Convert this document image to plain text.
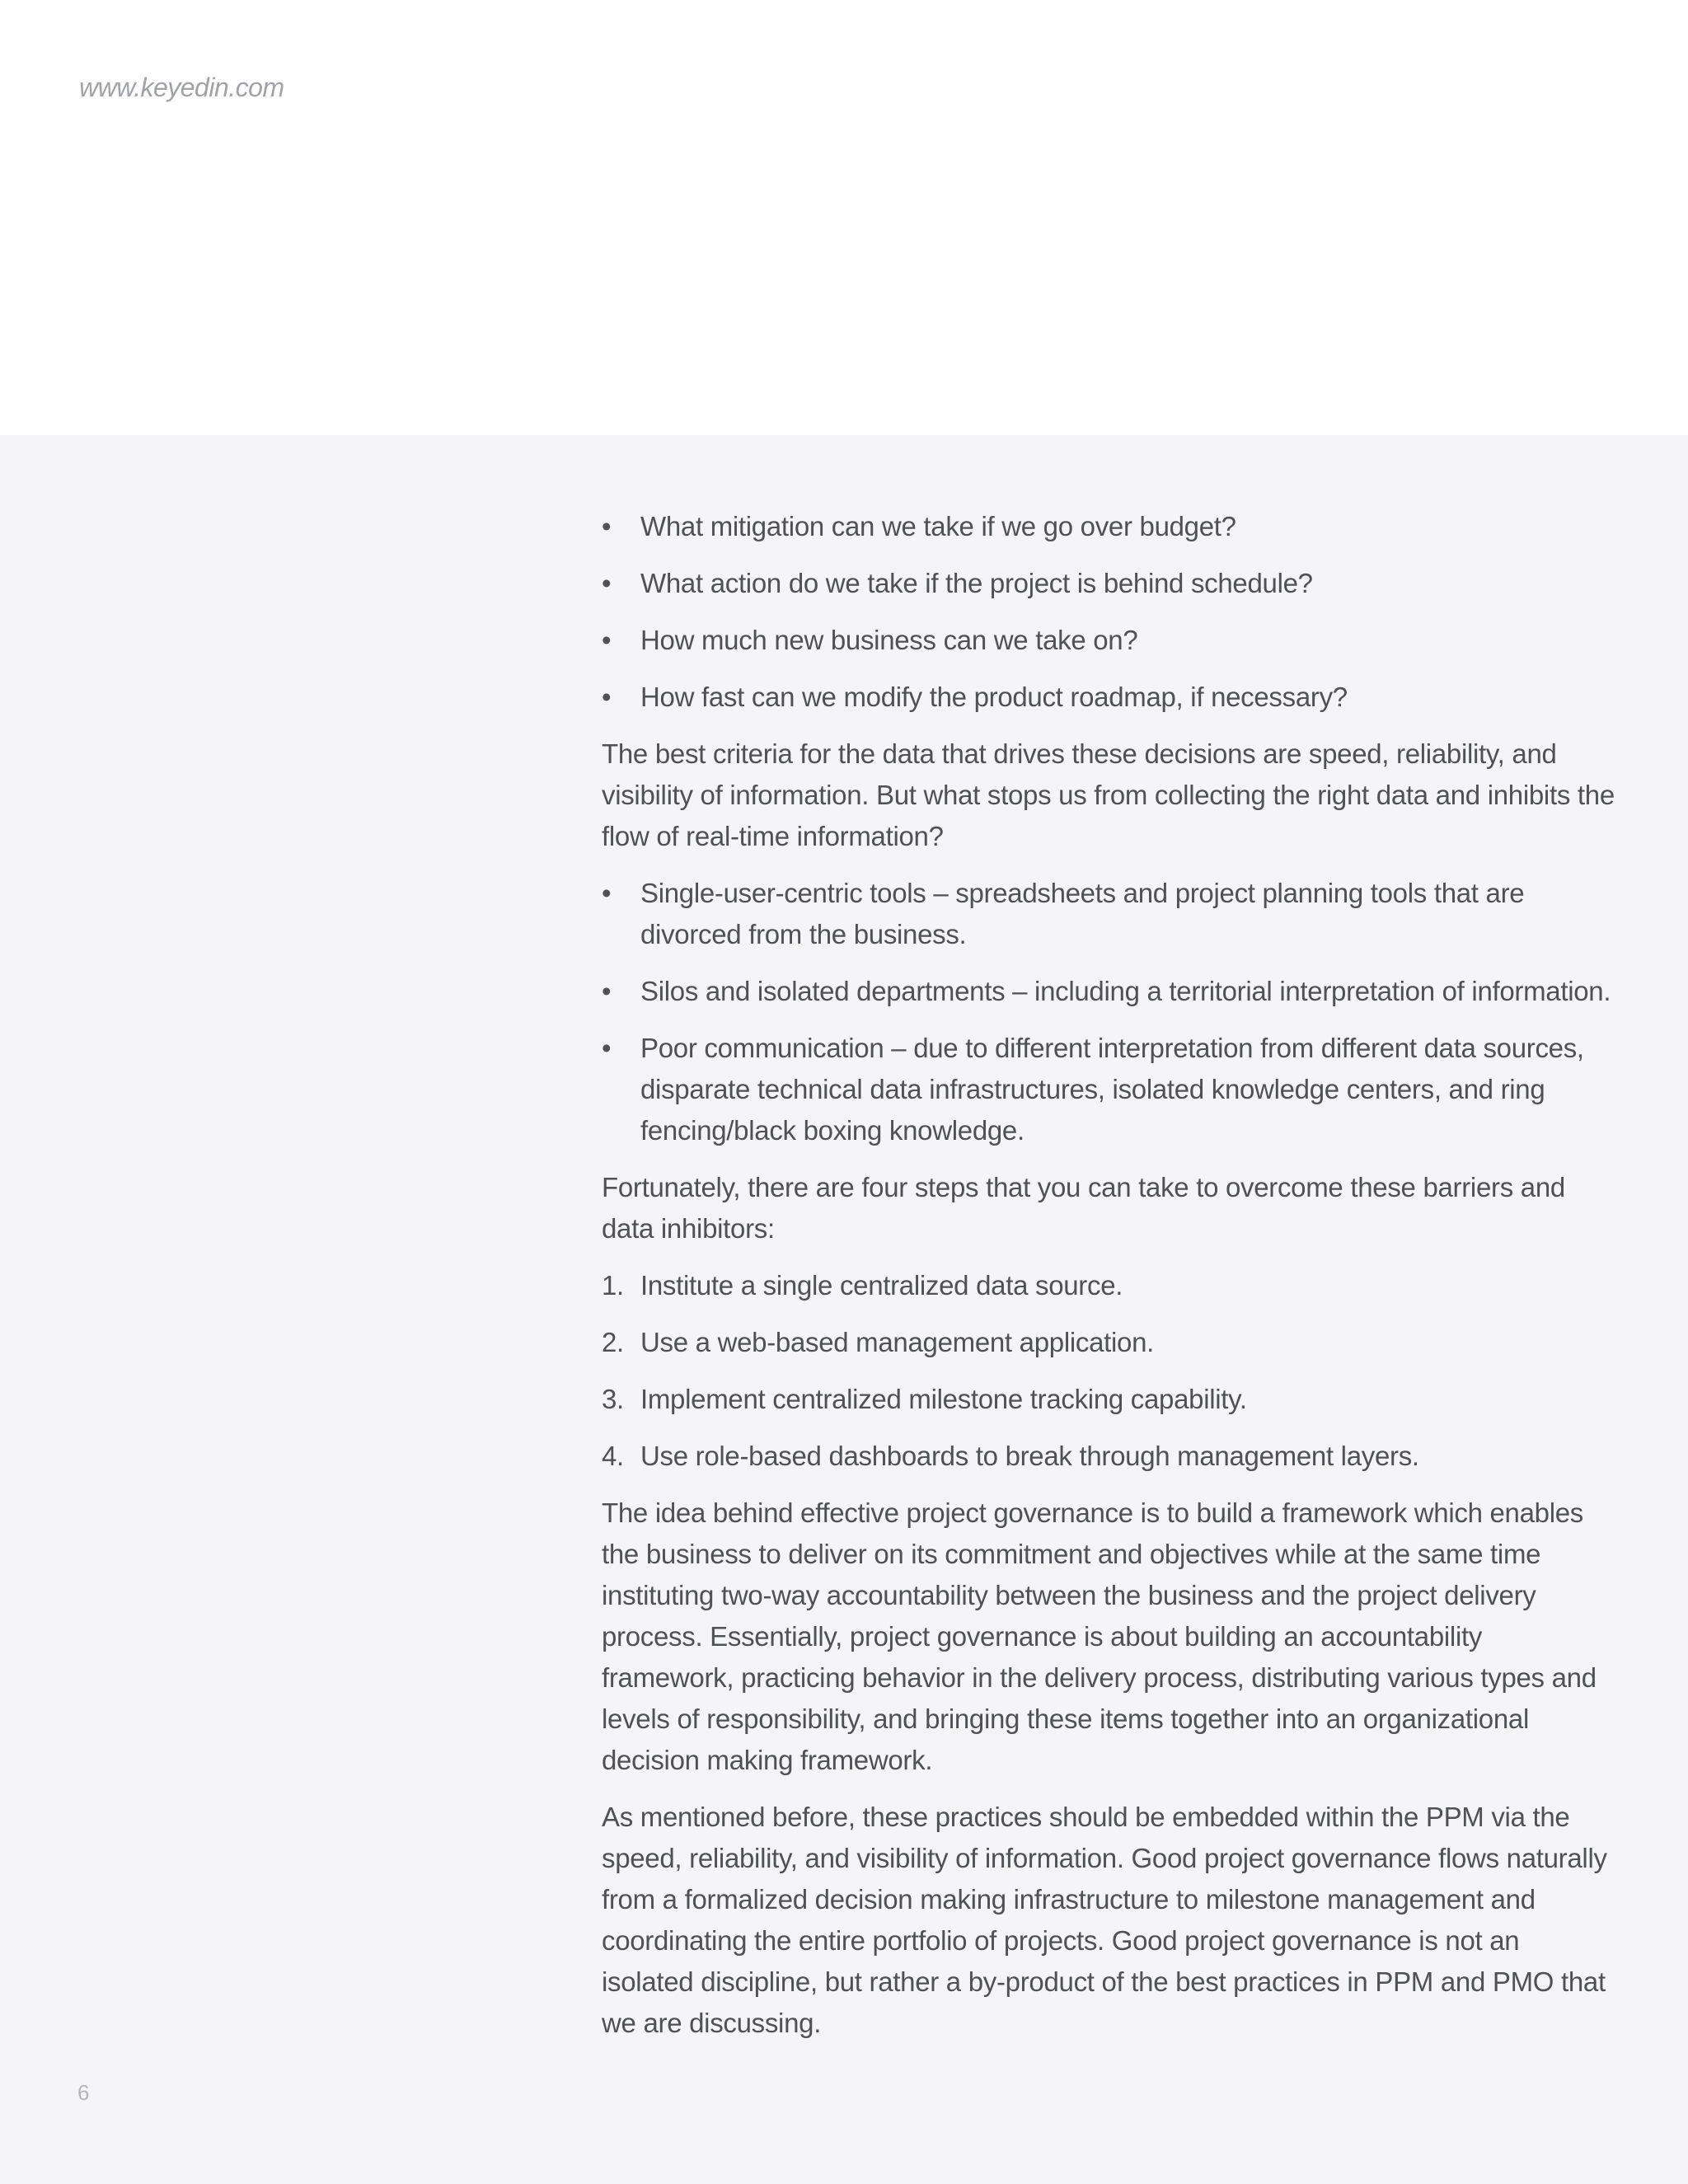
www.keyedin.com
•	What mitigation can we take if we go over budget?
•	What action do we take if the project is behind schedule?
•	How much new business can we take on?
•	How fast can we modify the product roadmap, if necessary?

The best criteria for the data that drives these decisions are speed, reliability, and visibility of information. But what stops us from collecting the right data and inhibits the flow of real-time information?

•	Single-user-centric tools – spreadsheets and project planning tools that are divorced from the business.
•	Silos and isolated departments – including a territorial interpretation of information.
•	Poor communication – due to different interpretation from different data sources, disparate technical data infrastructures, isolated knowledge centers, and ring fencing/black boxing knowledge.

Fortunately, there are four steps that you can take to overcome these barriers and data inhibitors:

1. Institute a single centralized data source.
2. Use a web-based management application.
3. Implement centralized milestone tracking capability.
4. Use role-based dashboards to break through management layers.

The idea behind effective project governance is to build a framework which enables the business to deliver on its commitment and objectives while at the same time instituting two-way accountability between the business and the project delivery process. Essentially, project governance is about building an accountability framework, practicing behavior in the delivery process, distributing various types and levels of responsibility, and bringing these items together into an organizational decision making framework.

As mentioned before, these practices should be embedded within the PPM via the speed, reliability, and visibility of information. Good project governance flows naturally from a formalized decision making infrastructure to milestone management and coordinating the entire portfolio of projects. Good project governance is not an isolated discipline, but rather a by-product of the best practices in PPM and PMO that we are discussing.

6
